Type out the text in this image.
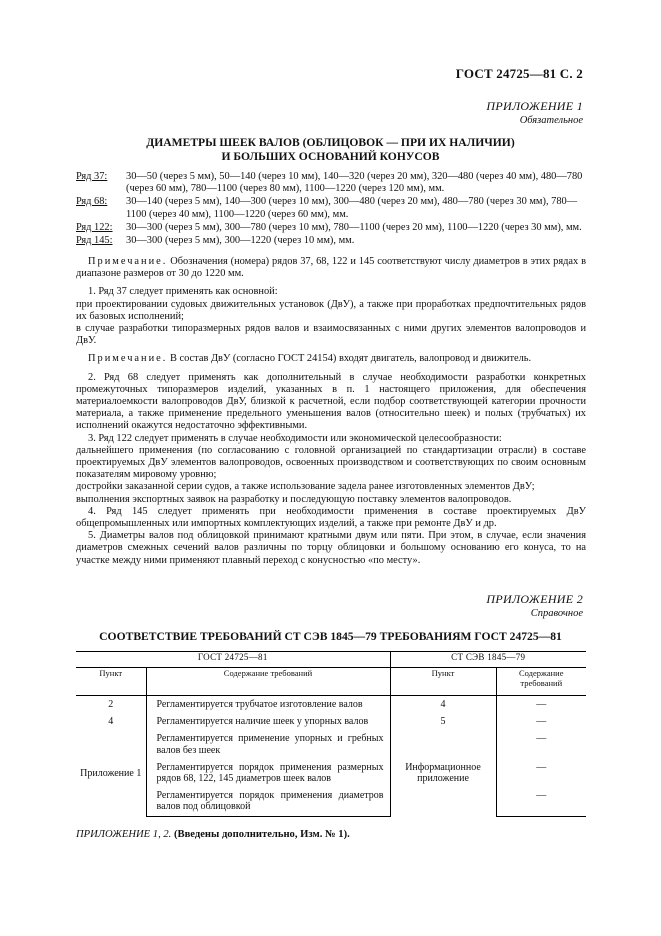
ГОСТ 24725—81 С. 2
ПРИЛОЖЕНИЕ 1
Обязательное
ДИАМЕТРЫ ШЕЕК ВАЛОВ (ОБЛИЦОВОК — ПРИ ИХ НАЛИЧИИ)
И БОЛЬШИХ ОСНОВАНИЙ КОНУСОВ
Ряд 37:	30—50 (через 5 мм), 50—140 (через 10 мм), 140—320 (через 20 мм), 320—480 (через 40 мм), 480—780 (через 60 мм), 780—1100 (через 80 мм), 1100—1220 (через 120 мм), мм.
Ряд 68:	30—140 (через 5 мм), 140—300 (через 10 мм), 300—480 (через 20 мм), 480—780 (через 30 мм), 780—1100 (через 40 мм), 1100—1220 (через 60 мм), мм.
Ряд 122:	30—300 (через 5 мм), 300—780 (через 10 мм), 780—1100 (через 20 мм), 1100—1220 (через 30 мм), мм.
Ряд 145:	30—300 (через 5 мм), 300—1220 (через 10 мм), мм.

Примечание. Обозначения (номера) рядов 37, 68, 122 и 145 соответствуют числу диаметров в этих рядах в диапазоне размеров от 30 до 1220 мм.

1. Ряд 37 следует применять как основной:

при проектировании судовых движительных установок (ДвУ), а также при проработках предпочтительных рядов их базовых исполнений;

в случае разработки типоразмерных рядов валов и взаимосвязанных с ними других элементов валопроводов и ДвУ.

Примечание. В состав ДвУ (согласно ГОСТ 24154) входят двигатель, валопровод и движитель.

2. Ряд 68 следует применять как дополнительный в случае необходимости разработки конкретных промежуточных типоразмеров изделий, указанных в п. 1 настоящего приложения, для обеспечения материалоемкости валопроводов ДвУ, близкой к расчетной, если подбор соответствующей категории прочности материала, а также применение предельного уменьшения валов (относительно шеек) и полых (трубчатых) их исполнений окажутся недостаточно эффективными.

3. Ряд 122 следует применять в случае необходимости или экономической целесообразности:

дальнейшего применения (по согласованию с головной организацией по стандартизации отрасли) в составе проектируемых ДвУ элементов валопроводов, освоенных производством и соответствующих по своим основным показателям мировому уровню;

достройки заказанной серии судов, а также использование задела ранее изготовленных элементов ДвУ;

выполнения экспортных заявок на разработку и последующую поставку элементов валопроводов.

4. Ряд 145 следует применять при необходимости применения в составе проектируемых ДвУ общепромышленных или импортных комплектующих изделий, а также при ремонте ДвУ и др.

5. Диаметры валов под облицовкой принимают кратными двум или пяти. При этом, в случае, если значения диаметров смежных сечений валов различны по торцу облицовки и большому основанию его конуса, то на участке между ними применяют плавный переход с конусностью «по месту».

ПРИЛОЖЕНИЕ 2
Справочное
СООТВЕТСТВИЕ ТРЕБОВАНИЙ СТ СЭВ 1845—79 ТРЕБОВАНИЯМ ГОСТ 24725—81
ГОСТ 24725—81		СТ СЭВ 1845—79	
Пункт	Содержание требований	Пункт	Содержание требований
2	Регламентируется трубчатое изготовление валов	4	—
4	Регламентируется наличие шеек у упорных валов	5	—
Приложение 1	Регламентируется применение упорных и гребных валов без шеек	Информационное приложение	—
	Регламентируется порядок применения размерных рядов 68, 122, 145 диаметров шеек валов		—
	Регламентируется порядок применения диаметров валов под облицовкой		—
ПРИЛОЖЕНИЕ 1, 2. (Введены дополнительно, Изм. № 1).
